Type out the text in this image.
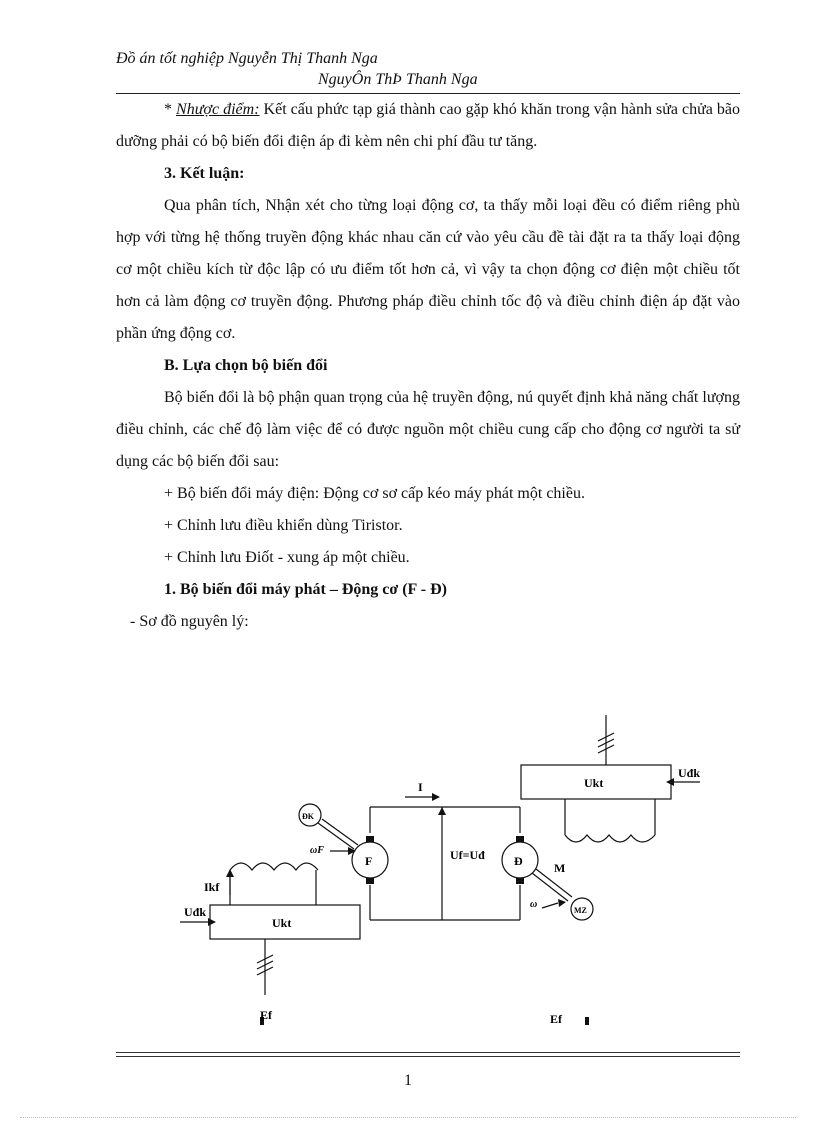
Đồ án tốt nghiệp Nguyễn Thị Thanh Nga
NguyÔn ThÞ Thanh Nga

* Nhược điểm: Kết cấu phức tạp giá thành cao gặp khó khăn trong vận hành sửa chửa bão dưỡng phải có bộ biến đổi điện áp đi kèm nên chi phí đầu tư tăng.

3. Kết luận:

Qua phân tích, Nhận xét cho từng loại động cơ, ta thấy mỗi loại đều có điểm riêng phù hợp với từng hệ thống truyền động khác nhau căn cứ vào yêu cầu đề tài đặt ra ta thấy loại động cơ một chiều kích từ độc lập có ưu điểm tốt hơn cả, vì vậy ta chọn động cơ điện một chiều tốt hơn cả làm động cơ truyền động. Phương pháp điều chỉnh tốc độ và điều chỉnh điện áp đặt vào phần ứng động cơ.

B. Lựa chọn bộ biến đổi

Bộ biến đổi là bộ phận quan trọng của hệ truyền động, nú quyết định khả năng chất lượng điều chỉnh, các chế độ làm việc để có được nguồn một chiều cung cấp cho động cơ người ta sử dụng các bộ biến đổi sau:

+ Bộ biến đổi máy điện: Động cơ sơ cấp kéo máy phát một chiều.

+ Chỉnh lưu điều khiển dùng Tiristor.

+ Chỉnh lưu Điốt - xung áp một chiều.

1. Bộ biến đổi máy phát – Động cơ (F - Đ)

- Sơ đồ nguyên lý:

I
F	Đ	M
ĐK
MZ
ωF
ω
Uf=Uđ
Ukt
Ukt
Uđk
Uđk
Ikf
Ef	Ef
1
